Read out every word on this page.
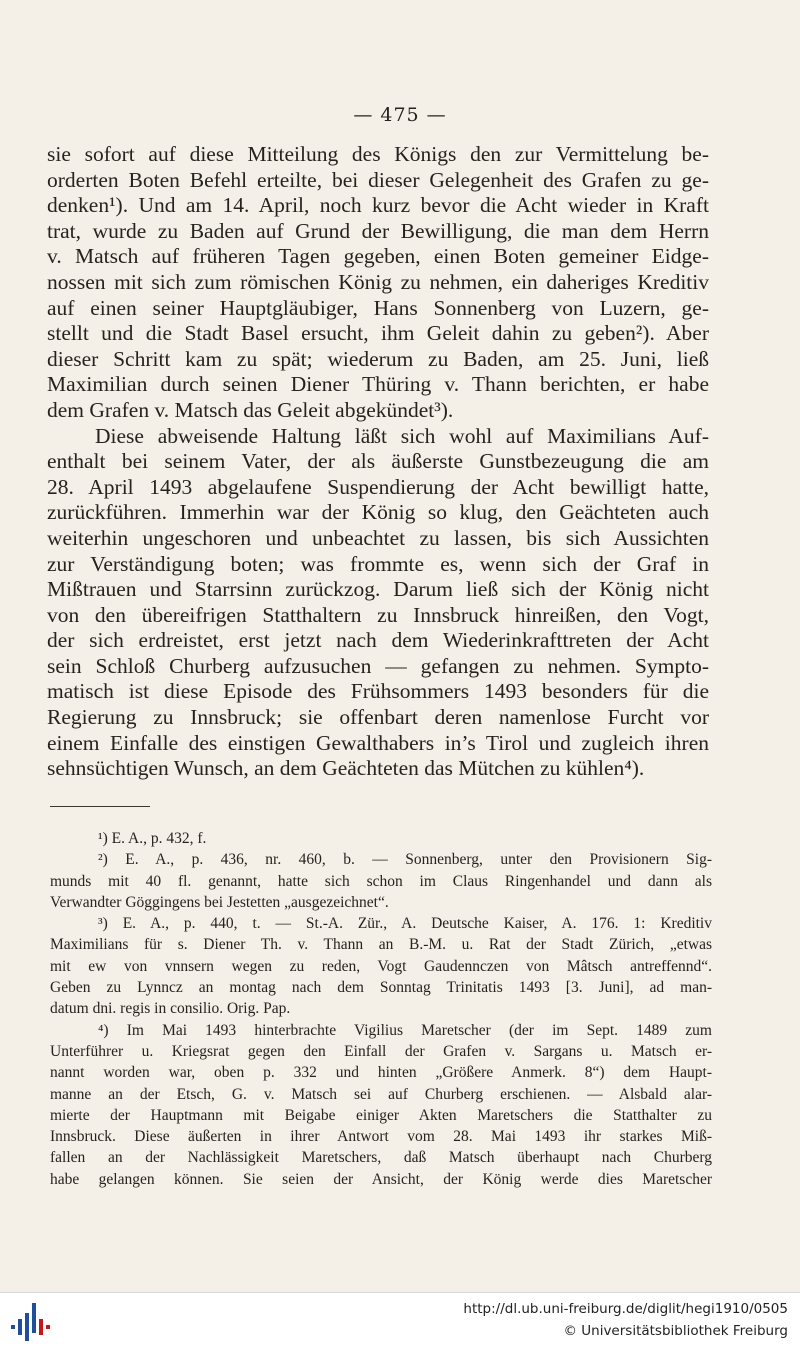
— 475 —
sie sofort auf diese Mitteilung des Königs den zur Vermittelung be-
orderten Boten Befehl erteilte, bei dieser Gelegenheit des Grafen zu ge-
denken¹). Und am 14. April, noch kurz bevor die Acht wieder in Kraft
trat, wurde zu Baden auf Grund der Bewilligung, die man dem Herrn
v. Matsch auf früheren Tagen gegeben, einen Boten gemeiner Eidge-
nossen mit sich zum römischen König zu nehmen, ein daheriges Kreditiv
auf einen seiner Hauptgläubiger, Hans Sonnenberg von Luzern, ge-
stellt und die Stadt Basel ersucht, ihm Geleit dahin zu geben²). Aber
dieser Schritt kam zu spät; wiederum zu Baden, am 25. Juni, ließ
Maximilian durch seinen Diener Thüring v. Thann berichten, er habe
dem Grafen v. Matsch das Geleit abgekündet³).
Diese abweisende Haltung läßt sich wohl auf Maximilians Auf-
enthalt bei seinem Vater, der als äußerste Gunstbezeugung die am
28. April 1493 abgelaufene Suspendierung der Acht bewilligt hatte,
zurückführen. Immerhin war der König so klug, den Geächteten auch
weiterhin ungeschoren und unbeachtet zu lassen, bis sich Aussichten
zur Verständigung boten; was frommte es, wenn sich der Graf in
Mißtrauen und Starrsinn zurückzog. Darum ließ sich der König nicht
von den übereifrigen Statthaltern zu Innsbruck hinreißen, den Vogt,
der sich erdreistet, erst jetzt nach dem Wiederinkrafttreten der Acht
sein Schloß Churberg aufzusuchen — gefangen zu nehmen. Sympto-
matisch ist diese Episode des Frühsommers 1493 besonders für die
Regierung zu Innsbruck; sie offenbart deren namenlose Furcht vor
einem Einfalle des einstigen Gewalthabers in’s Tirol und zugleich ihren
sehnsüchtigen Wunsch, an dem Geächteten das Mütchen zu kühlen⁴).
¹) E. A., p. 432, f.
²) E. A., p. 436, nr. 460, b. — Sonnenberg, unter den Provisionern Sig-
munds mit 40 fl. genannt, hatte sich schon im Claus Ringenhandel und dann als
Verwandter Göggingens bei Jestetten „ausgezeichnet“.
³) E. A., p. 440, t. — St.-A. Zür., A. Deutsche Kaiser, A. 176. 1: Kreditiv
Maximilians für s. Diener Th. v. Thann an B.-M. u. Rat der Stadt Zürich, „etwas
mit ew von vnnsern wegen zu reden, Vogt Gaudennczen von Mâtsch antreffennd“.
Geben zu Lynncz an montag nach dem Sonntag Trinitatis 1493 [3. Juni], ad man-
datum dni. regis in consilio. Orig. Pap.
⁴) Im Mai 1493 hinterbrachte Vigilius Maretscher (der im Sept. 1489 zum
Unterführer u. Kriegsrat gegen den Einfall der Grafen v. Sargans u. Matsch er-
nannt worden war, oben p. 332 und hinten „Größere Anmerk. 8“) dem Haupt-
manne an der Etsch, G. v. Matsch sei auf Churberg erschienen. — Alsbald alar-
mierte der Hauptmann mit Beigabe einiger Akten Maretschers die Statthalter zu
Innsbruck. Diese äußerten in ihrer Antwort vom 28. Mai 1493 ihr starkes Miß-
fallen an der Nachlässigkeit Maretschers, daß Matsch überhaupt nach Churberg
habe gelangen können. Sie seien der Ansicht, der König werde dies Maretscher
http://dl.ub.uni-freiburg.de/diglit/hegi1910/0505
© Universitätsbibliothek Freiburg
